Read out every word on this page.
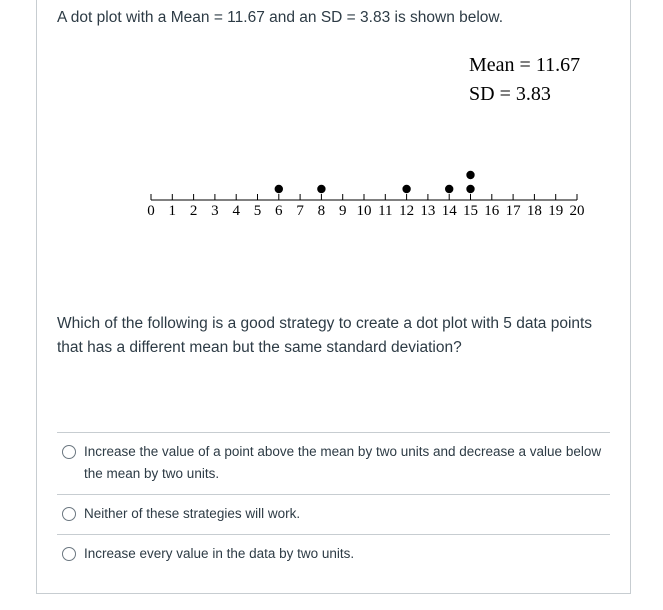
A dot plot with a Mean = 11.67 and an SD = 3.83 is shown below.
Mean = 11.67
SD = 3.83
0 1 2 3 4 5 6 7 8 9 10 11 12 13 14 15 16 17 18 19 20
Which of the following is a good strategy to create a dot plot with 5 data points that has a different mean but the same standard deviation?
Increase the value of a point above the mean by two units and decrease a value below the mean by two units.
Neither of these strategies will work.
Increase every value in the data by two units.
